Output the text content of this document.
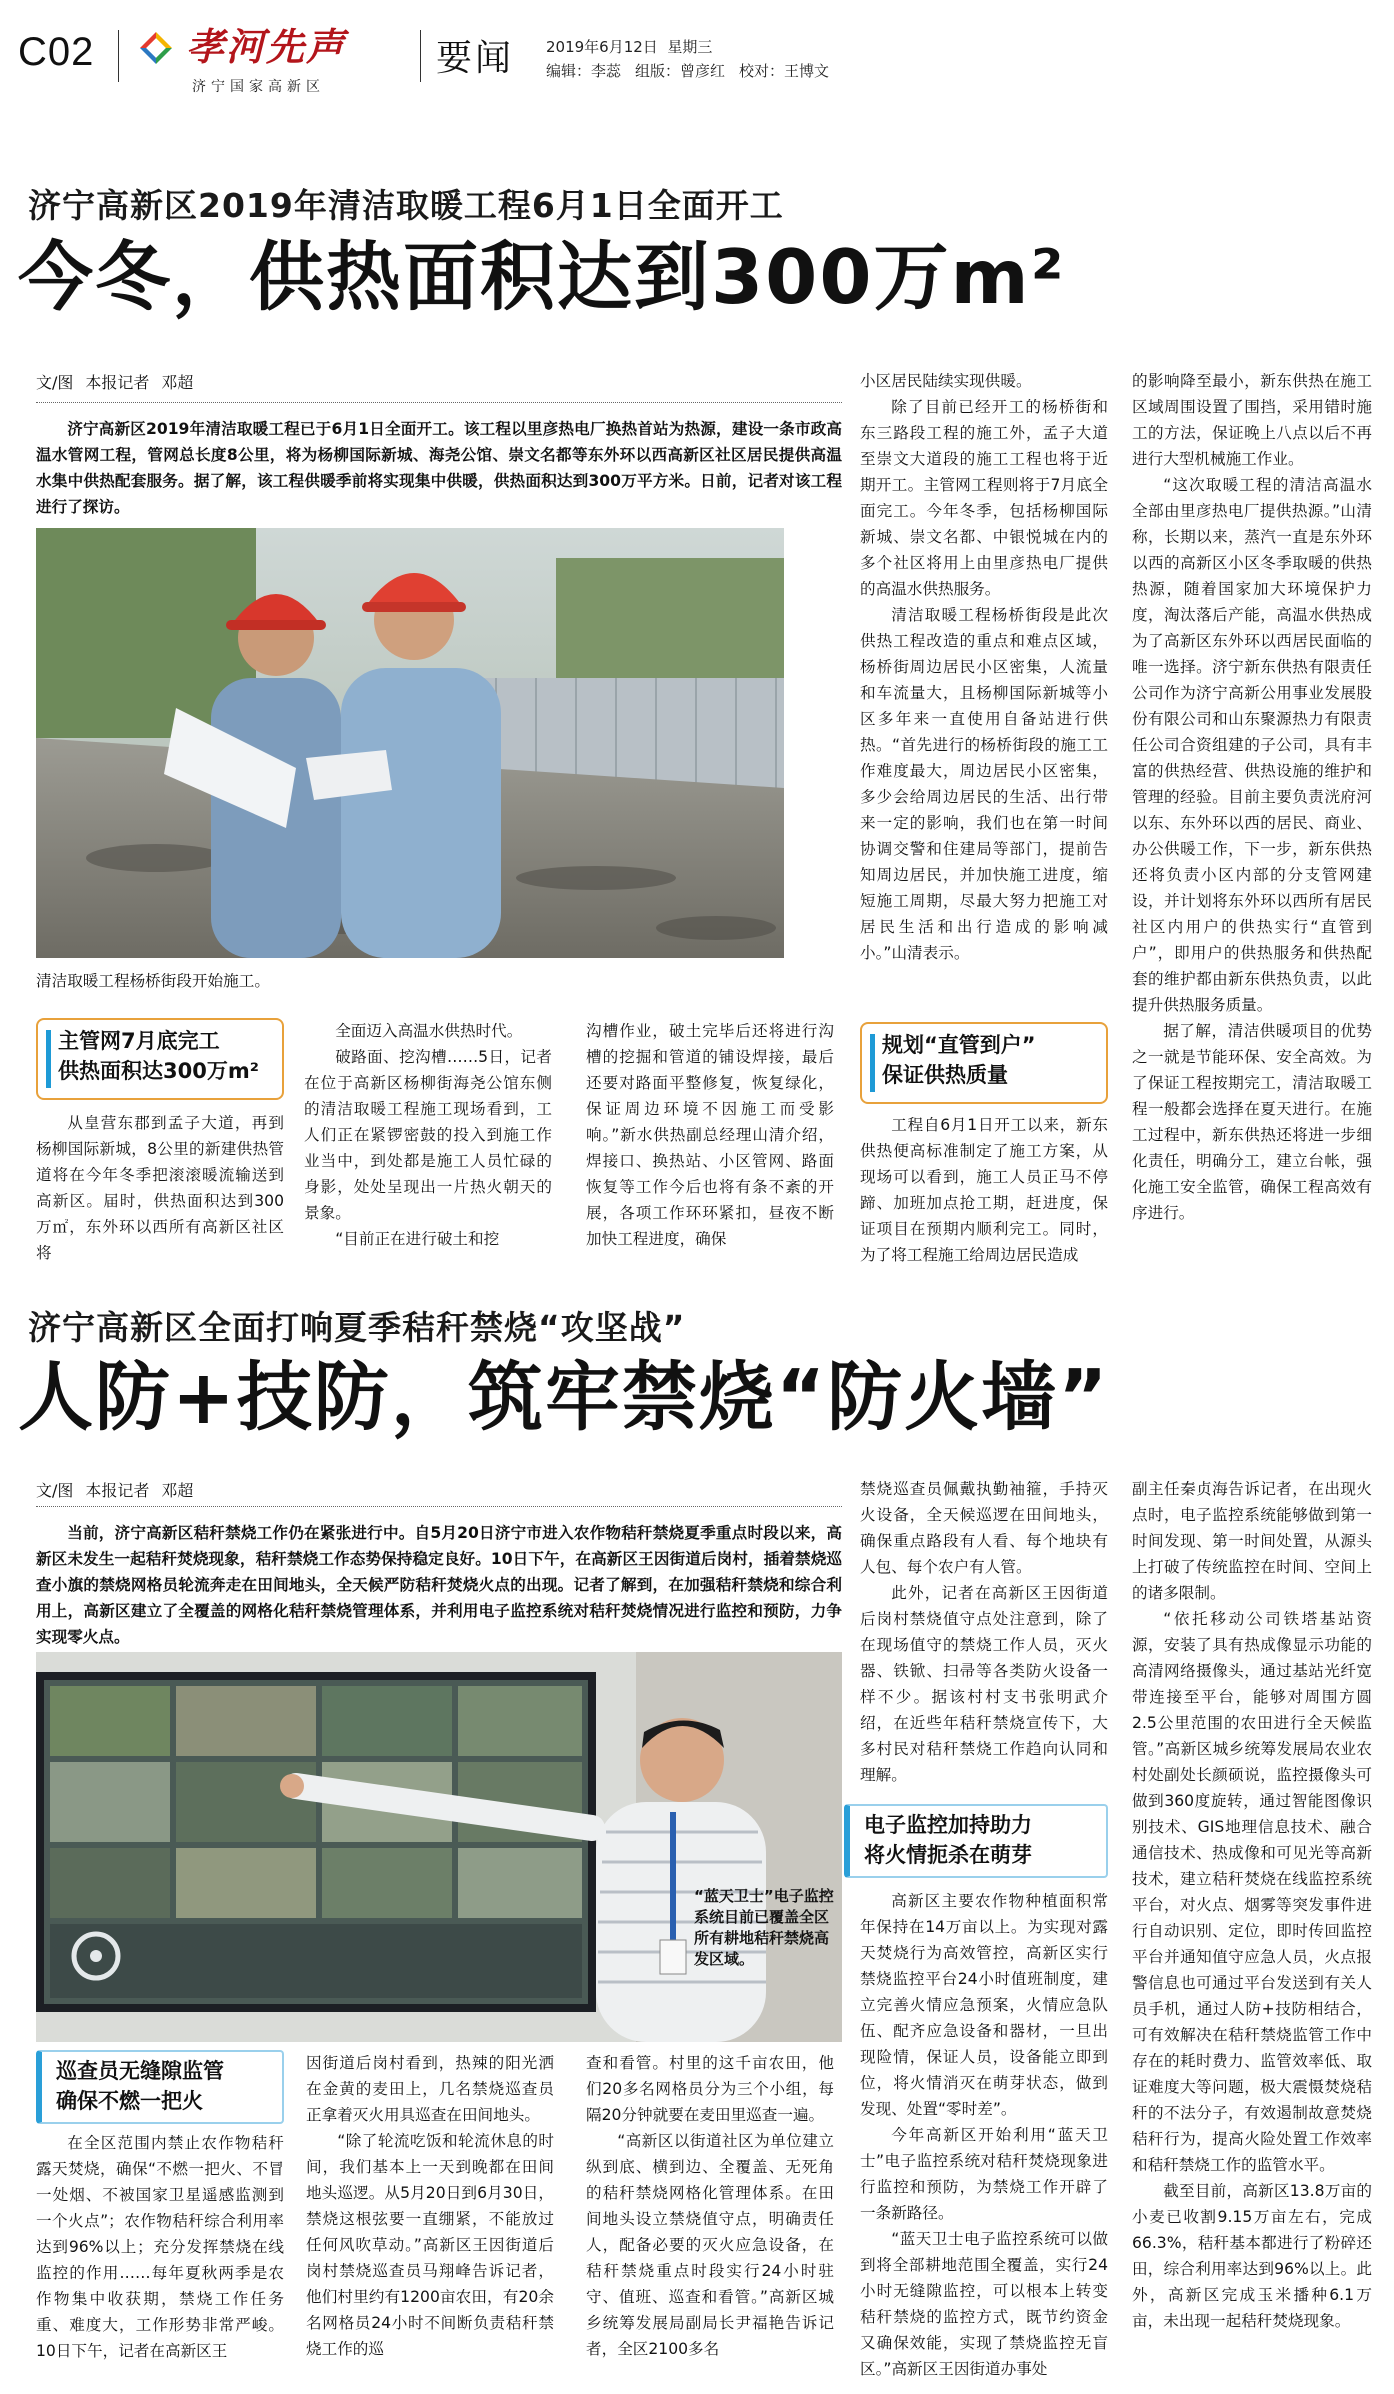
C02 孝河先声
济宁国家高新区
要闻 2019年6月12日 星期三
编辑：李蕊 组版：曾彦红 校对：王博文
济宁高新区2019年清洁取暖工程6月1日全面开工
今冬，供热面积达到300万m²
文/图 本报记者 邓超

济宁高新区2019年清洁取暖工程已于6月1日全面开工。该工程以里彦热电厂换热首站为热源，建设一条市政高温水管网工程，管网总长度8公里，将为杨柳国际新城、海尧公馆、崇文名都等东外环以西高新区社区居民提供高温水集中供热配套服务。据了解，该工程供暖季前将实现集中供暖，供热面积达到300万平方米。日前，记者对该工程进行了探访。

清洁取暖工程杨桥街段开始施工。
主管网7月底完工
供热面积达300万m²

从皇营东郡到孟子大道，再到杨柳国际新城，8公里的新建供热管道将在今年冬季把滚滚暖流输送到高新区。届时，供热面积达到300万㎡，东外环以西所有高新区社区将

全面迈入高温水供热时代。

破路面、挖沟槽……5日，记者在位于高新区杨柳街海尧公馆东侧的清洁取暖工程施工现场看到，工人们正在紧锣密鼓的投入到施工作业当中，到处都是施工人员忙碌的身影，处处呈现出一片热火朝天的景象。

“目前正在进行破土和挖

沟槽作业，破土完毕后还将进行沟槽的挖掘和管道的铺设焊接，最后还要对路面平整修复，恢复绿化，保证周边环境不因施工而受影响。”新水供热副总经理山清介绍，焊接口、换热站、小区管网、路面恢复等工作今后也将有条不紊的开展，各项工作环环紧扣，昼夜不断加快工程进度，确保

小区居民陆续实现供暖。

除了目前已经开工的杨桥街和东三路段工程的施工外，孟子大道至崇文大道段的施工工程也将于近期开工。主管网工程则将于7月底全面完工。今年冬季，包括杨柳国际新城、崇文名都、中银悦城在内的多个社区将用上由里彦热电厂提供的高温水供热服务。

清洁取暖工程杨桥街段是此次供热工程改造的重点和难点区域，杨桥街周边居民小区密集，人流量和车流量大，且杨柳国际新城等小区多年来一直使用自备站进行供热。“首先进行的杨桥街段的施工工作难度最大，周边居民小区密集，多少会给周边居民的生活、出行带来一定的影响，我们也在第一时间协调交警和住建局等部门，提前告知周边居民，并加快施工进度，缩短施工周期，尽最大努力把施工对居民生活和出行造成的影响减小。”山清表示。

规划“直管到户”
保证供热质量

工程自6月1日开工以来，新东供热便高标准制定了施工方案，从现场可以看到，施工人员正马不停蹄、加班加点抢工期，赶进度，保证项目在预期内顺利完工。同时，为了将工程施工给周边居民造成

的影响降至最小，新东供热在施工区域周围设置了围挡，采用错时施工的方法，保证晚上八点以后不再进行大型机械施工作业。

“这次取暖工程的清洁高温水全部由里彦热电厂提供热源。”山清称，长期以来，蒸汽一直是东外环以西的高新区小区冬季取暖的供热热源，随着国家加大环境保护力度，淘汰落后产能，高温水供热成为了高新区东外环以西居民面临的唯一选择。济宁新东供热有限责任公司作为济宁高新公用事业发展股份有限公司和山东聚源热力有限责任公司合资组建的子公司，具有丰富的供热经营、供热设施的维护和管理的经验。目前主要负责洸府河以东、东外环以西的居民、商业、办公供暖工作，下一步，新东供热还将负责小区内部的分支管网建设，并计划将东外环以西所有居民社区内用户的供热实行“直管到户”，即用户的供热服务和供热配套的维护都由新东供热负责，以此提升供热服务质量。

据了解，清洁供暖项目的优势之一就是节能环保、安全高效。为了保证工程按期完工，清洁取暖工程一般都会选择在夏天进行。在施工过程中，新东供热还将进一步细化责任，明确分工，建立台帐，强化施工安全监管，确保工程高效有序进行。

济宁高新区全面打响夏季秸秆禁烧“攻坚战”
人防+技防，筑牢禁烧“防火墙”
文/图 本报记者 邓超

当前，济宁高新区秸秆禁烧工作仍在紧张进行中。自5月20日济宁市进入农作物秸秆禁烧夏季重点时段以来，高新区未发生一起秸秆焚烧现象，秸秆禁烧工作态势保持稳定良好。10日下午，在高新区王因街道后岗村，插着禁烧巡查小旗的禁烧网格员轮流奔走在田间地头，全天候严防秸秆焚烧火点的出现。记者了解到，在加强秸秆禁烧和综合利用上，高新区建立了全覆盖的网格化秸秆禁烧管理体系，并利用电子监控系统对秸秆焚烧情况进行监控和预防，力争实现零火点。

“蓝天卫士”电子监控系统目前已覆盖全区所有耕地秸秆禁烧高发区域。
巡查员无缝隙监管
确保不燃一把火

在全区范围内禁止农作物秸秆露天焚烧，确保“不燃一把火、不冒一处烟、不被国家卫星遥感监测到一个火点”；农作物秸秆综合利用率达到96%以上；充分发挥禁烧在线监控的作用……每年夏秋两季是农作物集中收获期，禁烧工作任务重、难度大，工作形势非常严峻。10日下午，记者在高新区王

因街道后岗村看到，热辣的阳光洒在金黄的麦田上，几名禁烧巡查员正拿着灭火用具巡查在田间地头。

“除了轮流吃饭和轮流休息的时间，我们基本上一天到晚都在田间地头巡逻。从5月20日到6月30日，禁烧这根弦要一直绷紧，不能放过任何风吹草动。”高新区王因街道后岗村禁烧巡查员马翔峰告诉记者，他们村里约有1200亩农田，有20余名网格员24小时不间断负责秸秆禁烧工作的巡

查和看管。村里的这千亩农田，他们20多名网格员分为三个小组，每隔20分钟就要在麦田里巡查一遍。

“高新区以街道社区为单位建立纵到底、横到边、全覆盖、无死角的秸秆禁烧网格化管理体系。在田间地头设立禁烧值守点，明确责任人，配备必要的灭火应急设备，在秸秆禁烧重点时段实行24小时驻守、值班、巡查和看管。”高新区城乡统筹发展局副局长尹福艳告诉记者，全区2100多名

禁烧巡查员佩戴执勤袖箍，手持灭火设备，全天候巡逻在田间地头，确保重点路段有人看、每个地块有人包、每个农户有人管。

此外，记者在高新区王因街道后岗村禁烧值守点处注意到，除了在现场值守的禁烧工作人员，灭火器、铁锨、扫帚等各类防火设备一样不少。据该村村支书张明武介绍，在近些年秸秆禁烧宣传下，大多村民对秸秆禁烧工作趋向认同和理解。

电子监控加持助力
将火情扼杀在萌芽

高新区主要农作物种植面积常年保持在14万亩以上。为实现对露天焚烧行为高效管控，高新区实行禁烧监控平台24小时值班制度，建立完善火情应急预案，火情应急队伍、配齐应急设备和器材，一旦出现险情，保证人员，设备能立即到位，将火情消灭在萌芽状态，做到发现、处置“零时差”。

今年高新区开始利用“蓝天卫士”电子监控系统对秸秆焚烧现象进行监控和预防，为禁烧工作开辟了一条新路径。

“蓝天卫士电子监控系统可以做到将全部耕地范围全覆盖，实行24小时无缝隙监控，可以根本上转变秸秆禁烧的监控方式，既节约资金又确保效能，实现了禁烧监控无盲区。”高新区王因街道办事处

副主任秦贞海告诉记者，在出现火点时，电子监控系统能够做到第一时间发现、第一时间处置，从源头上打破了传统监控在时间、空间上的诸多限制。

“依托移动公司铁塔基站资源，安装了具有热成像显示功能的高清网络摄像头，通过基站光纤宽带连接至平台，能够对周围方圆2.5公里范围的农田进行全天候监管。”高新区城乡统筹发展局农业农村处副处长颜硕说，监控摄像头可做到360度旋转，通过智能图像识别技术、GIS地理信息技术、融合通信技术、热成像和可见光等高新技术，建立秸秆焚烧在线监控系统平台，对火点、烟雾等突发事件进行自动识别、定位，即时传回监控平台并通知值守应急人员，火点报警信息也可通过平台发送到有关人员手机，通过人防+技防相结合，可有效解决在秸秆禁烧监管工作中存在的耗时费力、监管效率低、取证难度大等问题，极大震慑焚烧秸秆的不法分子，有效遏制故意焚烧秸秆行为，提高火险处置工作效率和秸秆禁烧工作的监管水平。

截至目前，高新区13.8万亩的小麦已收割9.15万亩左右，完成66.3%，秸秆基本都进行了粉碎还田，综合利用率达到96%以上。此外，高新区完成玉米播种6.1万亩，未出现一起秸秆焚烧现象。
